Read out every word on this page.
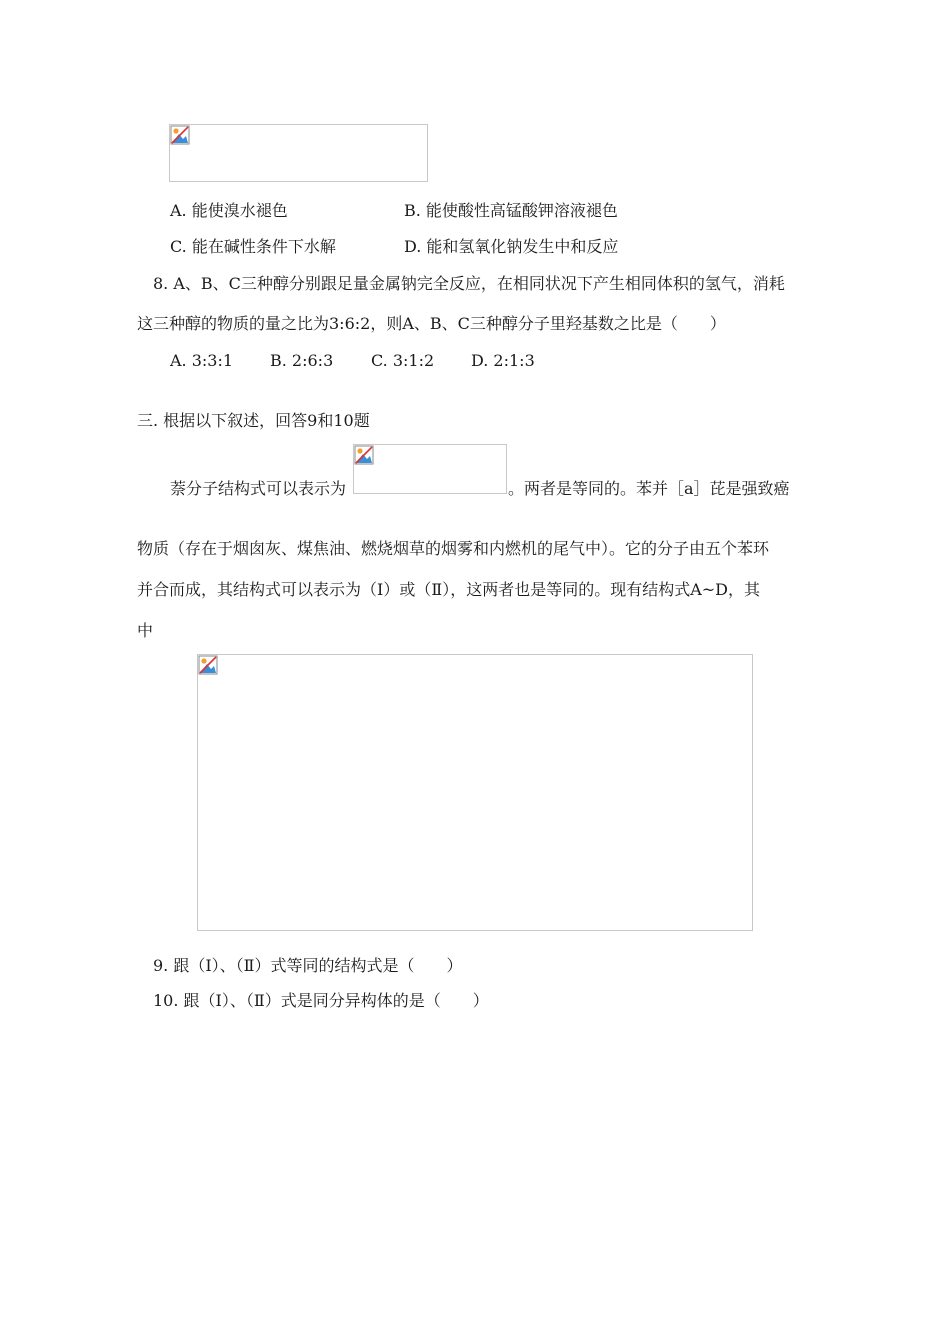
A. 能使溴水褪色	B. 能使酸性高锰酸钾溶液褪色
C. 能在碱性条件下水解	D. 能和氢氧化钠发生中和反应
8. A、B、C三种醇分别跟足量金属钠完全反应，在相同状况下产生相同体积的氢气，消耗
这三种醇的物质的量之比为3:6:2，则A、B、C三种醇分子里羟基数之比是（　　）
A. 3:3:1 B. 2:6:3 C. 3:1:2 D. 2:1:3
三. 根据以下叙述，回答9和10题
萘分子结构式可以表示为	。两者是等同的。苯并［a］芘是强致癌
物质（存在于烟囱灰、煤焦油、燃烧烟草的烟雾和内燃机的尾气中）。它的分子由五个苯环
并合而成，其结构式可以表示为（Ⅰ）或（Ⅱ），这两者也是等同的。现有结构式A~D，其
中
9. 跟（Ⅰ）、（Ⅱ）式等同的结构式是（　　）
10. 跟（Ⅰ）、（Ⅱ）式是同分异构体的是（　　）
